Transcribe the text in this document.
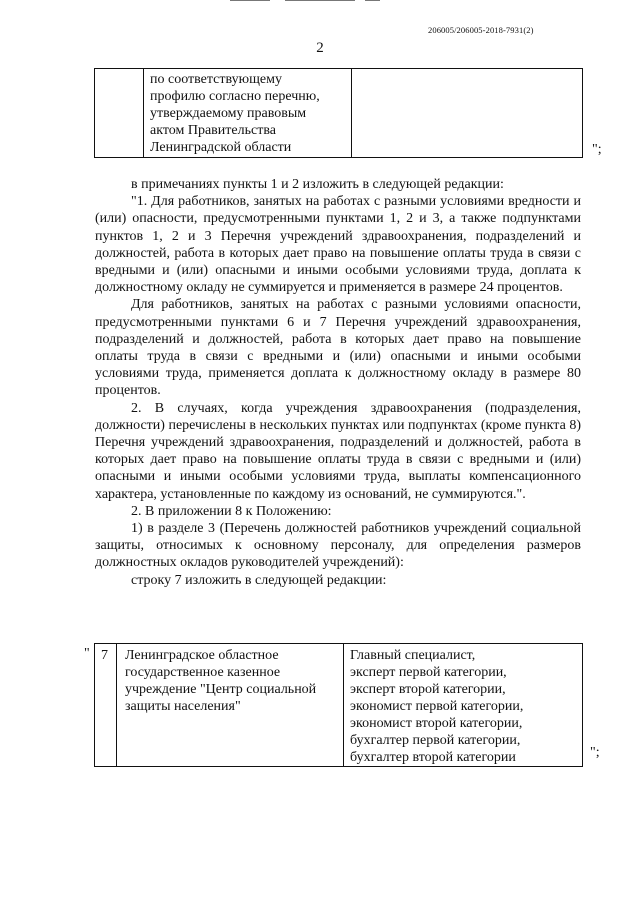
206005/206005-2018-7931(2)
2
по соответствующему
профилю согласно перечню,
утверждаемому правовым
актом Правительства
Ленинградской области	";

в примечаниях пункты 1 и 2 изложить в следующей редакции:

"1. Для работников, занятых на работах с разными условиями вредности и (или) опасности, предусмотренными пунктами 1, 2 и 3, а также подпунктами пунктов 1, 2 и 3 Перечня учреждений здравоохранения, подразделений и должностей, работа в которых дает право на повышение оплаты труда в связи с вредными и (или) опасными и иными особыми условиями труда, доплата к должностному окладу не суммируется и применяется в размере 24 процентов.

Для работников, занятых на работах с разными условиями опасности, предусмотренными пунктами 6 и 7 Перечня учреждений здравоохранения, подразделений и должностей, работа в которых дает право на повышение оплаты труда в связи с вредными и (или) опасными и иными особыми условиями труда, применяется доплата к должностному окладу в размере 80 процентов.

2. В случаях, когда учреждения здравоохранения (подразделения, должности) перечислены в нескольких пунктах или подпунктах (кроме пункта 8) Перечня учреждений здравоохранения, подразделений и должностей, работа в которых дает право на повышение оплаты труда в связи с вредными и (или) опасными и иными особыми условиями труда, выплаты компенсационного характера, установленные по каждому из оснований, не суммируются.".

2. В приложении 8 к Положению:

1) в разделе 3 (Перечень должностей работников учреждений социальной защиты, относимых к основному персоналу, для определения размеров должностных окладов руководителей учреждений):

строку 7 изложить в следующей редакции:

" 7 Ленинградское областное
государственное казенное
учреждение "Центр социальной
защиты населения"
Главный специалист,
эксперт первой категории,
эксперт второй категории,
экономист первой категории,
экономист второй категории,
бухгалтер первой категории,
бухгалтер второй категории	";
